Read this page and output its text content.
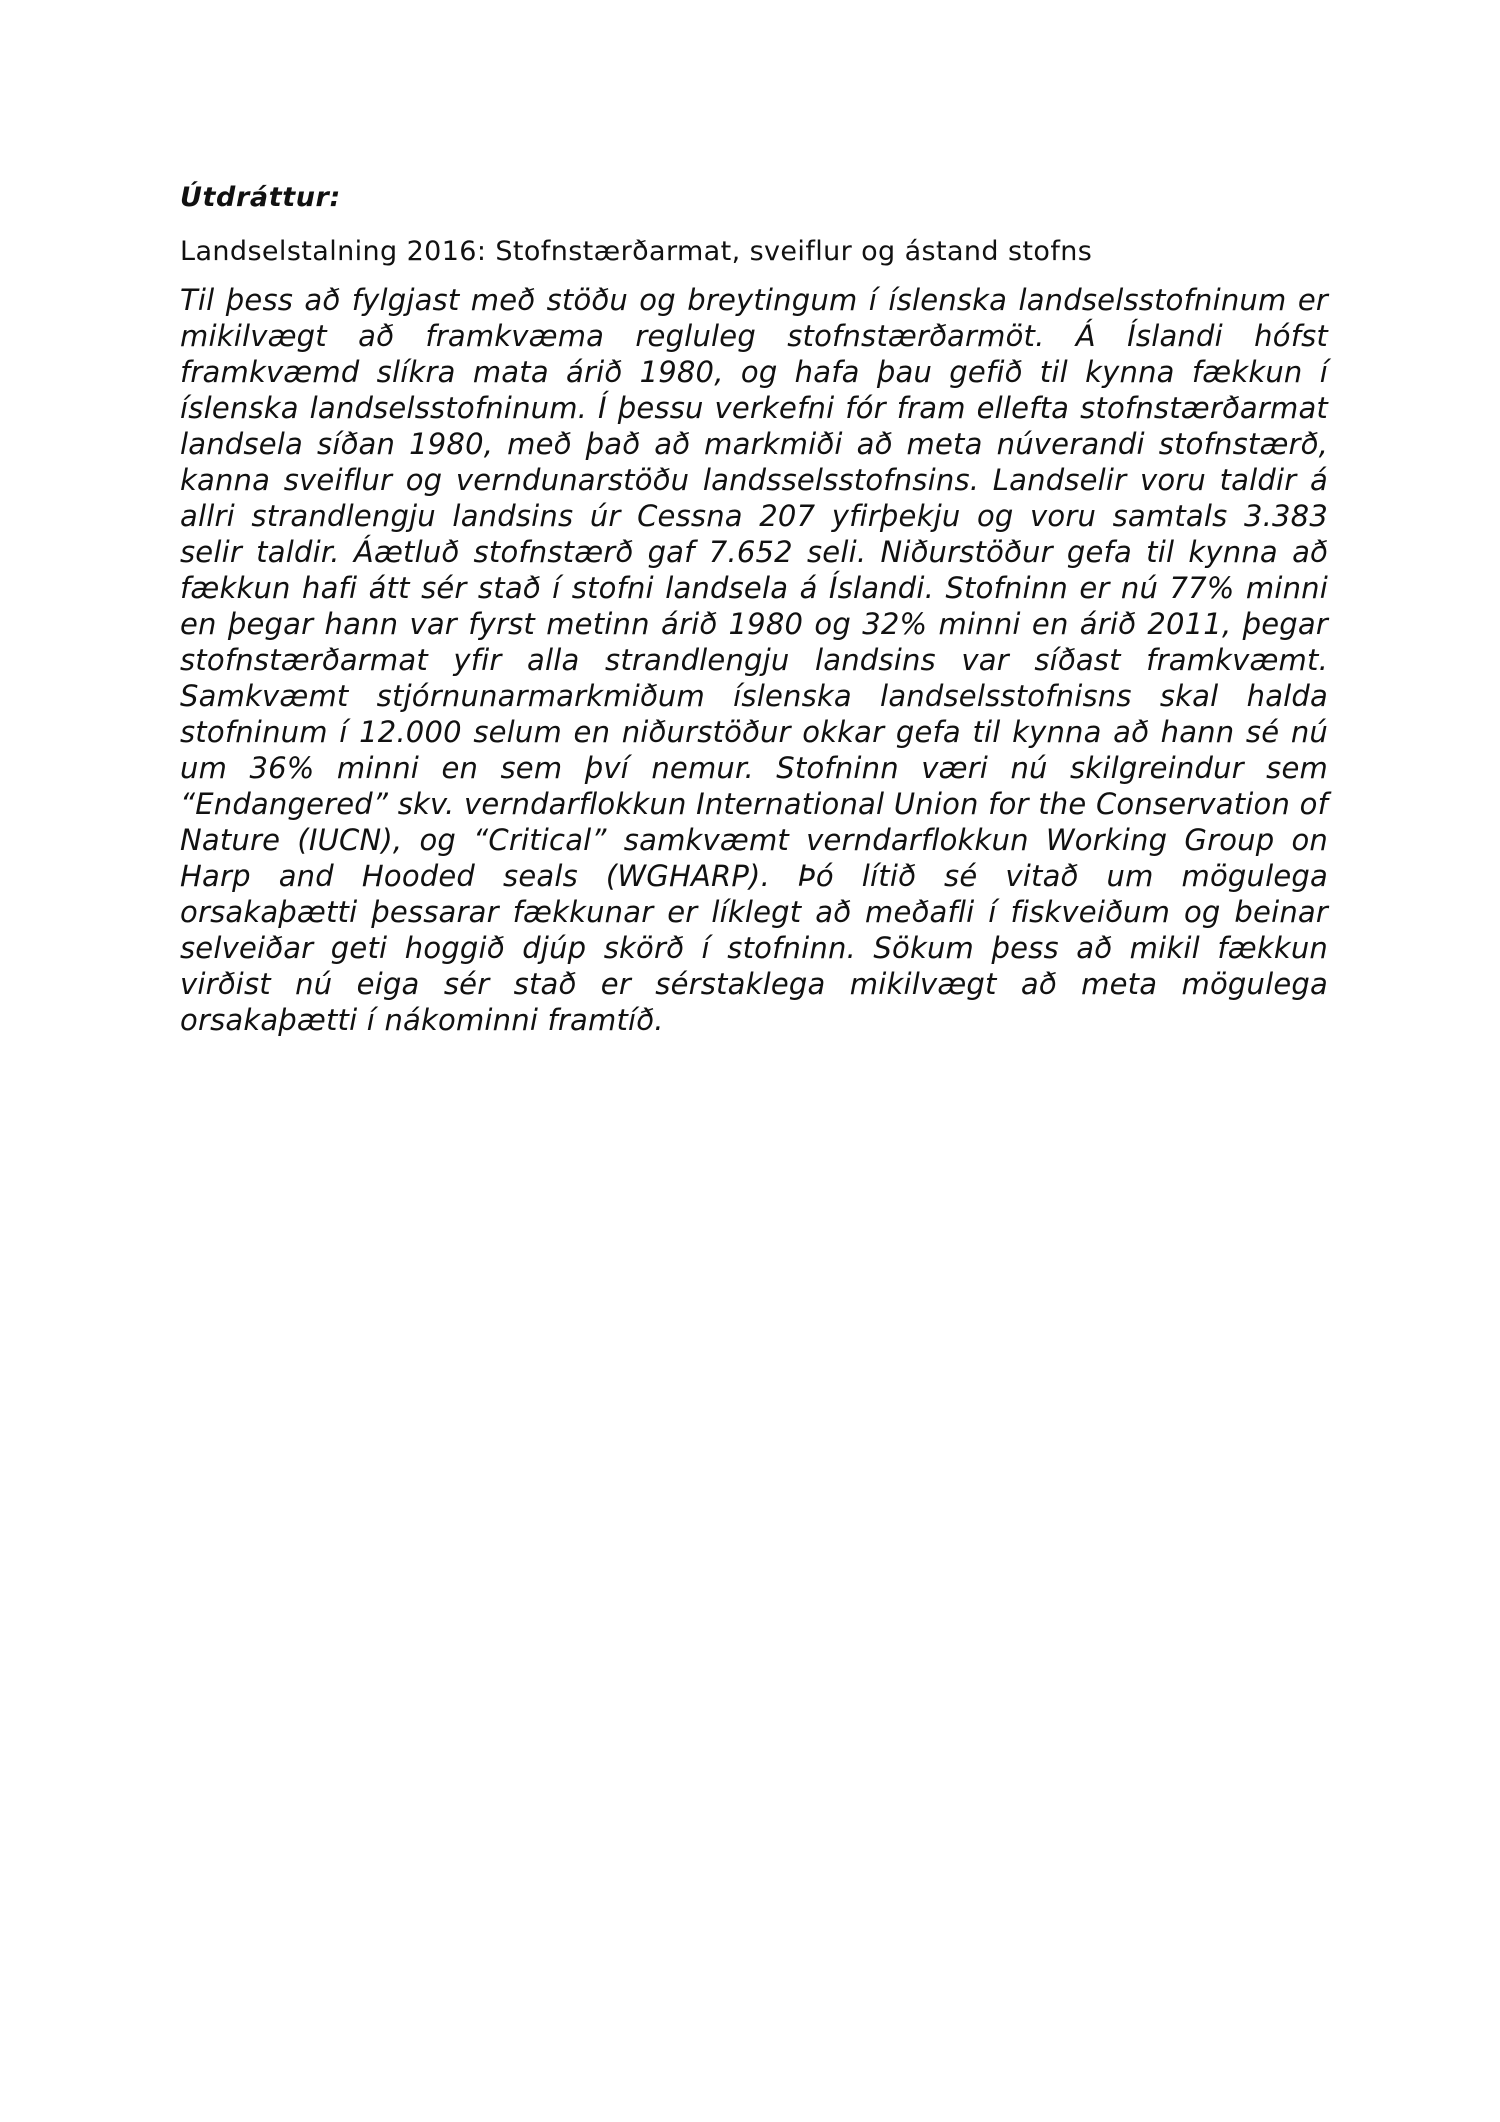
Útdráttur:
Landselstalning 2016: Stofnstærðarmat, sveiflur og ástand stofns

Til þess að fylgjast með stöðu og breytingum í íslenska landselsstofninum er mikilvægt að framkvæma regluleg stofnstærðarmöt. Á Íslandi hófst framkvæmd slíkra mata árið 1980, og hafa þau gefið til kynna fækkun í íslenska landselsstofninum. Í þessu verkefni fór fram ellefta stofnstærðarmat landsela síðan 1980, með það að markmiði að meta núverandi stofnstærð, kanna sveiflur og verndunarstöðu landsselsstofnsins. Landselir voru taldir á allri strandlengju landsins úr Cessna 207 yfirþekju og voru samtals 3.383 selir taldir. Áætluð stofnstærð gaf 7.652 seli. Niðurstöður gefa til kynna að fækkun hafi átt sér stað í stofni landsela á Íslandi. Stofninn er nú 77% minni en þegar hann var fyrst metinn árið 1980 og 32% minni en árið 2011, þegar stofnstærðarmat yfir alla strandlengju landsins var síðast framkvæmt. Samkvæmt stjórnunarmarkmiðum íslenska landselsstofnisns skal halda stofninum í 12.000 selum en niðurstöður okkar gefa til kynna að hann sé nú um 36% minni en sem því nemur. Stofninn væri nú skilgreindur sem “Endangered” skv. verndarflokkun International Union for the Conservation of Nature (IUCN), og “Critical” samkvæmt verndarflokkun Working Group on Harp and Hooded seals (WGHARP). Þó lítið sé vitað um mögulega orsakaþætti þessarar fækkunar er líklegt að meðafli í fiskveiðum og beinar selveiðar geti hoggið djúp skörð í stofninn. Sökum þess að mikil fækkun virðist nú eiga sér stað er sérstaklega mikilvægt að meta mögulega orsakaþætti í nákominni framtíð.
